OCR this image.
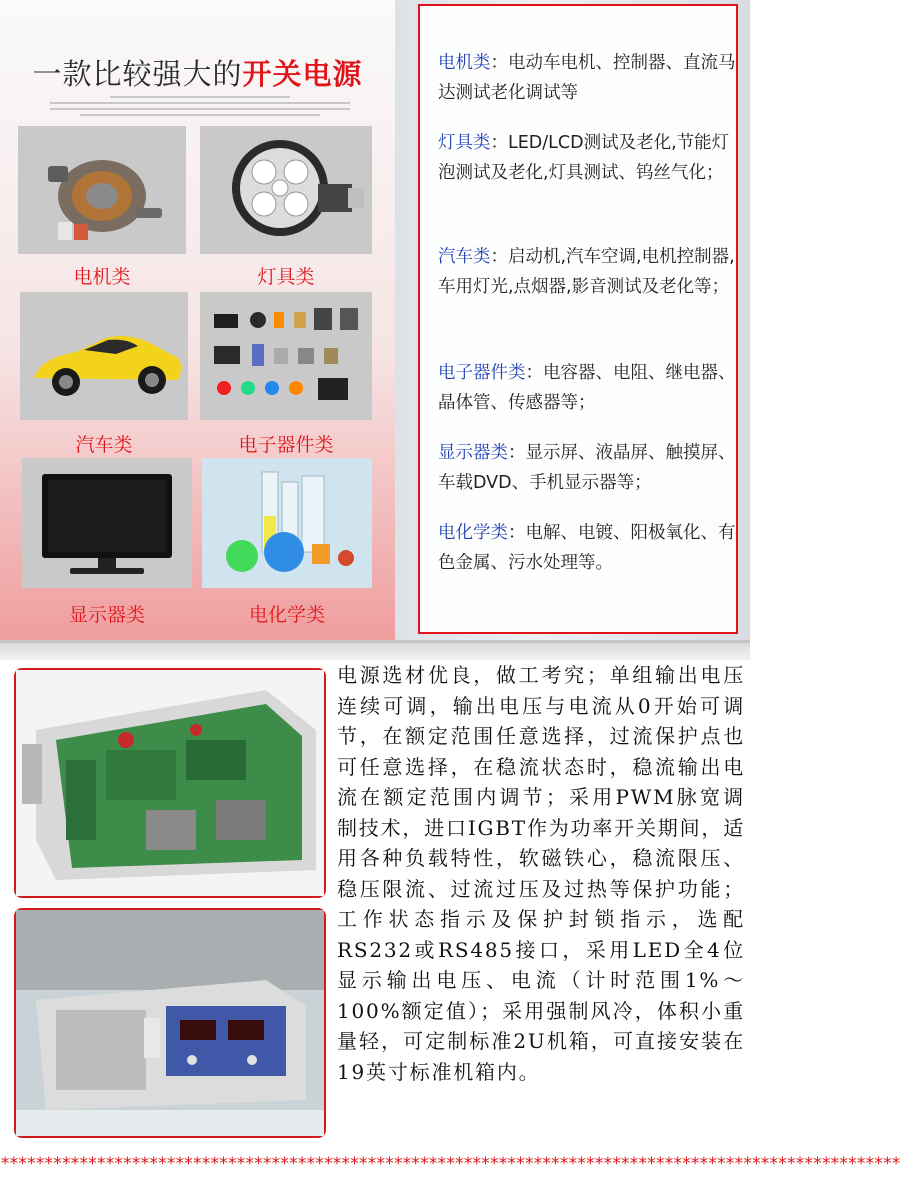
一款比较强大的开关电源
电机类	灯具类
汽车类	电子器件类
显示器类	电化学类
电机类：电动车电机、控制器、直流马达测试老化调试等
灯具类：LED/LCD测试及老化,节能灯泡测试及老化,灯具测试、钨丝气化；
汽车类：启动机,汽车空调,电机控制器,车用灯光,点烟器,影音测试及老化等；
电子器件类：电容器、电阻、继电器、晶体管、传感器等；
显示器类：显示屏、液晶屏、触摸屏、车载DVD、手机显示器等；
电化学类：电解、电镀、阳极氧化、有色金属、污水处理等。
电源选材优良，做工考究；单组输出电压连续可调，输出电压与电流从0开始可调节，在额定范围任意选择，过流保护点也可任意选择，在稳流状态时，稳流输出电流在额定范围内调节；采用PWM脉宽调制技术，进口IGBT作为功率开关期间，适用各种负载特性，软磁铁心，稳流限压、稳压限流、过流过压及过热等保护功能；工作状态指示及保护封锁指示，选配RS232或RS485接口，采用LED全4位显示输出电压、电流（计时范围1%～100%额定值）；采用强制风冷，体积小重量轻，可定制标准2U机箱，可直接安装在19英寸标准机箱内。
*******************************************************************************************************
